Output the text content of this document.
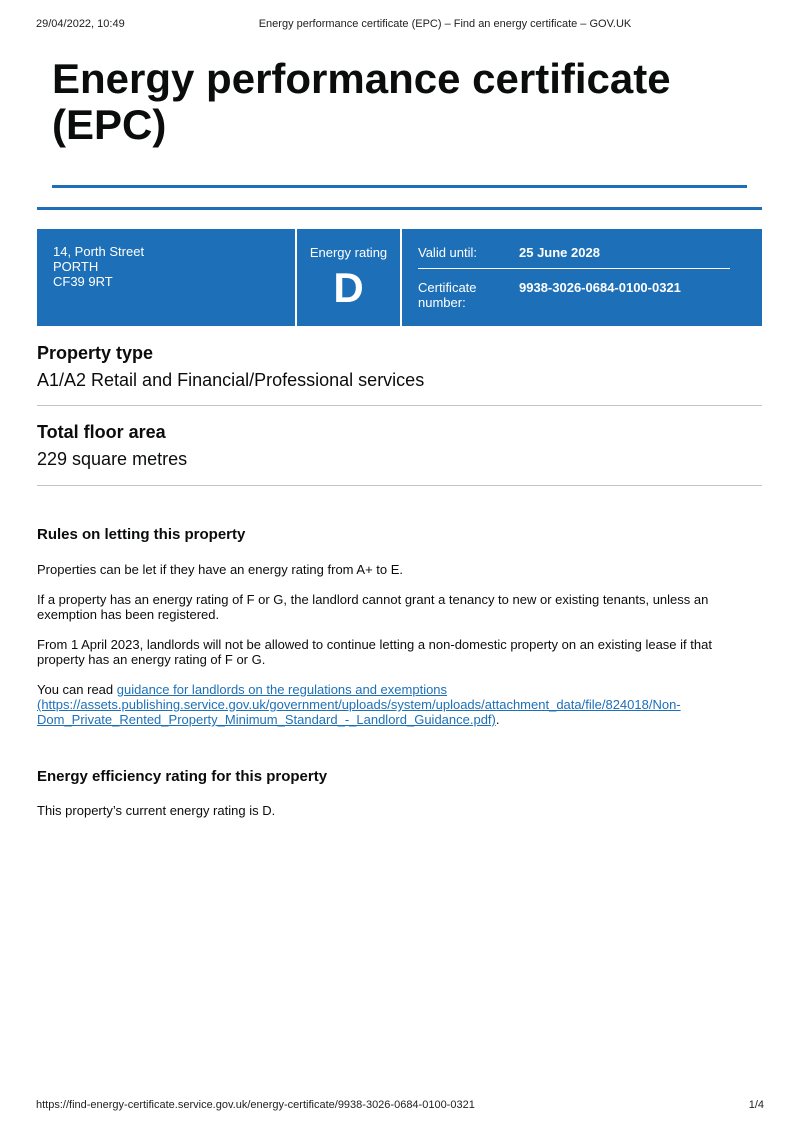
29/04/2022, 10:49	Energy performance certificate (EPC) – Find an energy certificate – GOV.UK
Energy performance certificate (EPC)
14, Porth Street
PORTH
CF39 9RT
Energy rating
D
Valid until:	25 June 2028
Certificate number:
9938-3026-0684-0100-0321
Property type

A1/A2 Retail and Financial/Professional services

Total floor area

229 square metres

Rules on letting this property

Properties can be let if they have an energy rating from A+ to E.

If a property has an energy rating of F or G, the landlord cannot grant a tenancy to new or existing tenants, unless an exemption has been registered.

From 1 April 2023, landlords will not be allowed to continue letting a non-domestic property on an existing lease if that property has an energy rating of F or G.

You can read guidance for landlords on the regulations and exemptions (https://assets.publishing.service.gov.uk/government/uploads/system/uploads/attachment_data/file/824018/Non-Dom_Private_Rented_Property_Minimum_Standard_-_Landlord_Guidance.pdf).

Energy efficiency rating for this property

This property’s current energy rating is D.

https://find-energy-certificate.service.gov.uk/energy-certificate/9938-3026-0684-0100-0321	1/4
